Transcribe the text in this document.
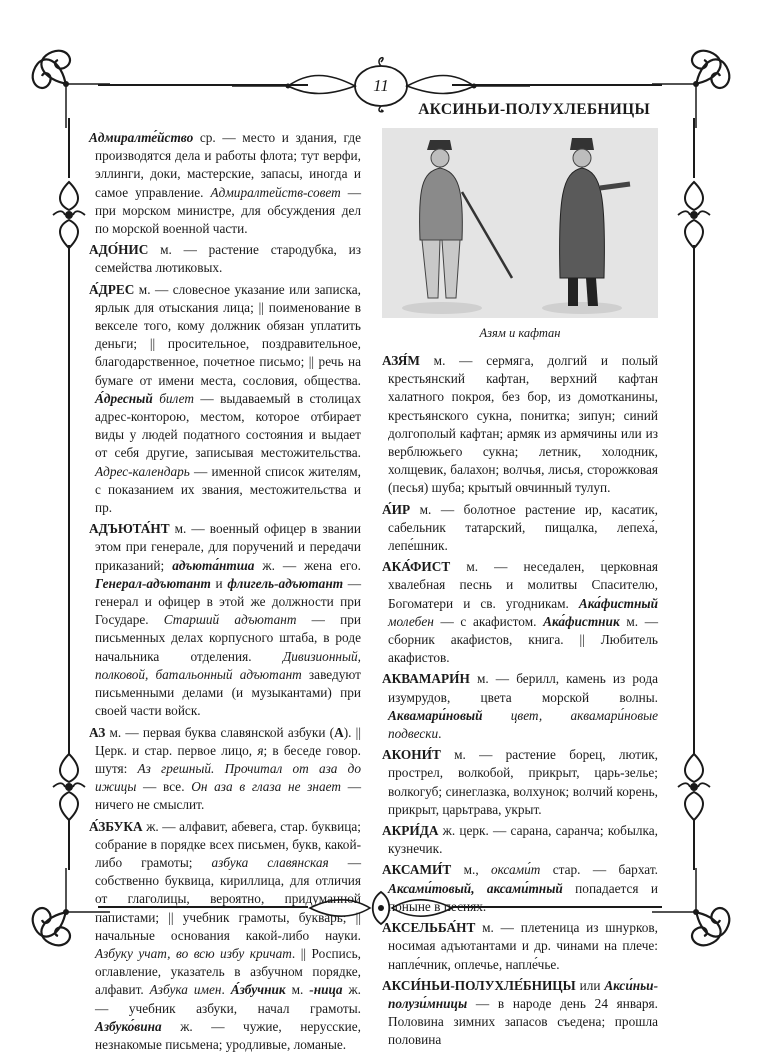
11
АКСИНЬИ-ПОЛУХЛЕБНИЦЫ
Азям и кафтан

Адмиралте́йство ср. — место и здания, где производятся дела и работы флота; тут верфи, эллинги, доки, мастерские, запасы, иногда и самое управление. Адмиралтейств-совет — при морском министре, для обсуждения дел по морской военной части.

АДО́НИС м. — растение стародубка, из семейства лютиковых.

А́ДРЕС м. — словесное указание или записка, ярлык для отыскания лица; || поименование в векселе того, кому должник обязан уплатить деньги; || просительное, поздравительное, благодарственное, почетное письмо; || речь на бумаге от имени места, сословия, общества. А́дресный билет — выдаваемый в столицах адрес-конторою, местом, которое отбирает виды у людей податного состояния и выдает от себя другие, записывая местожительства. Адрес-календарь — именной список жителям, с показанием их звания, местожительства и пр.

АДЪЮТА́НТ м. — военный офицер в звании этом при генерале, для поручений и передачи приказаний; адъюта́нтша ж. — жена его. Генерал-адъютант и флигель-адъютант — генерал и офицер в этой же должности при Государе. Старший адъютант — при письменных делах корпусного штаба, в роде начальника отделения. Дивизионный, полковой, батальонный адъютант заведуют письменными делами (и музыкантами) при своей части войск.

АЗ м. — первая буква славянской азбуки (А). || Церк. и стар. первое лицо, я; в беседе говор. шутя: Аз грешный. Прочитал от аза до ижицы — все. Он аза в глаза не знает — ничего не смыслит.

А́ЗБУКА ж. — алфавит, абевега, стар. буквица; собрание в порядке всех письмен, букв, какой-либо грамоты; азбука славянская — собственно буквица, кириллица, для отличия от глаголицы, вероятно, придуманной папистами; || учебник грамоты, букварь; || начальные основания какой-либо науки. Азбуку учат, во всю избу кричат. || Роспись, оглавление, указатель в азбучном порядке, алфавит. Азбука имен. А́збучник м. -ница ж. — учебник азбуки, начал грамоты. Азбуко́вина ж. — чужие, нерусские, незнакомые письмена; уродливые, ломаные.

АЗЯ́М м. — сермяга, долгий и полый крестьянский кафтан, верхний кафтан халатного покроя, без бор, из домотканины, крестьянского сукна, понитка; зипун; синий долгополый кафтан; армяк из армячины или из верблюжьего сукна; летник, холодник, холщевик, балахон; волчья, лисья, сторожковая (песья) шуба; крытый овчинный тулуп.

А́ИР м. — болотное растение ир, касатик, сабельник татарский, пищалка, лепеха́, лепе́шник.

АКА́ФИСТ м. — неседален, церковная хвалебная песнь и молитвы Спасителю, Богоматери и св. угодникам. Ака́фистный молебен — с акафистом. Ака́фистник м. — сборник акафистов, книга. || Любитель акафистов.

АКВАМАРИ́Н м. — берилл, камень из рода изумрудов, цвета морской волны. Аквамари́новый цвет, аквамари́новые подвески.

АКОНИ́Т м. — растение борец, лютик, прострел, волкобой, прикрыт, царь-зелье; волкогуб; синеглазка, волхунок; волчий корень, прикрыт, царьтрава, укрыт.

АКРИ́ДА ж. церк. — сарана, саранча; кобылка, кузнечик.

АКСАМИ́Т м., оксами́т стар. — бархат. Аксами́товый, аксами́тный попадается и поныне в песнях.

АКСЕЛЬБА́НТ м. — плетеница из шнурков, носимая адъютантами и др. чинами на плече: напле́чник, оплечье, напле́чье.

АКСИ́НЬИ-ПОЛУХЛЕ́БНИЦЫ или Акси́ньи-полузи́мницы — в народе день 24 января. Половина зимних запасов съедена; прошла половина
